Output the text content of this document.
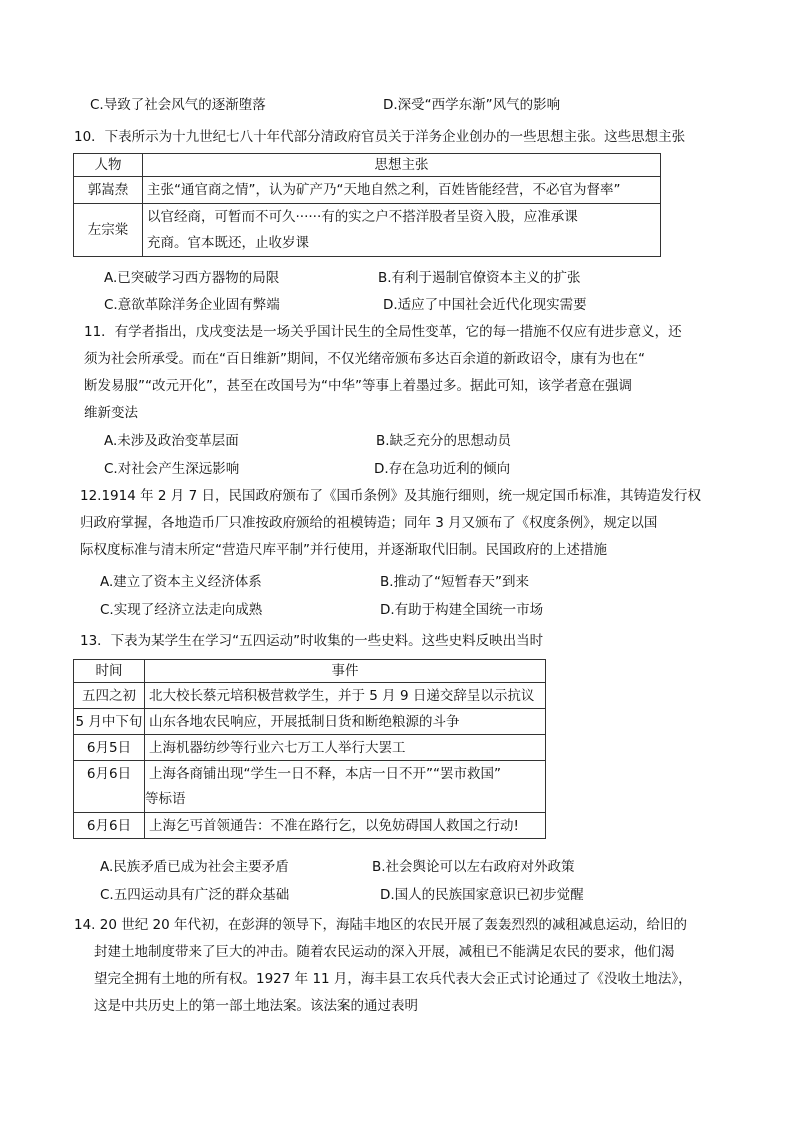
C.导致了社会风气的逐渐堕落	D.深受“西学东渐”风气的影响
10．下表所示为十九世纪七八十年代部分清政府官员关于洋务企业创办的一些思想主张。这些思想主张
人物	思想主张
郭嵩焘	主张“通官商之情”，认为矿产乃“天地自然之利，百姓皆能经营，不必官为督率”
左宗棠	以官经商，可暂而不可久······有的实之户不搭洋股者呈资入股，应准承课
充商。官本既还，止收岁课
A.已突破学习西方器物的局限	B.有利于遏制官僚资本主义的扩张
C.意欲革除洋务企业固有弊端	D.适应了中国社会近代化现实需要
11．有学者指出，戊戌变法是一场关乎国计民生的全局性变革，它的每一措施不仅应有进步意义，还
须为社会所承受。而在“百日维新”期间，不仅光绪帝颁布多达百余道的新政诏令，康有为也在“
断发易服”“改元开化”，甚至在改国号为“中华”等事上着墨过多。据此可知，该学者意在强调
维新变法
A.未涉及政治变革层面	B.缺乏充分的思想动员
C.对社会产生深远影响	D.存在急功近利的倾向
12.1914 年 2 月 7 日，民国政府颁布了《国币条例》及其施行细则，统一规定国币标准，其铸造发行权
归政府掌握，各地造币厂只准按政府颁给的祖模铸造；同年 3 月又颁布了《权度条例》，规定以国
际权度标准与清末所定“营造尺库平制”并行使用，并逐渐取代旧制。民国政府的上述措施
A.建立了资本主义经济体系	B.推动了“短暂春天”到来
C.实现了经济立法走向成熟	D.有助于构建全国统一市场
13．下表为某学生在学习“五四运动”时收集的一些史料。这些史料反映出当时
时间	事件
五四之初	北大校长蔡元培积极营救学生，并于 5 月 9 日递交辞呈以示抗议
5 月中下旬	山东各地农民响应，开展抵制日货和断绝粮源的斗争
6月5日	上海机器纺纱等行业六七万工人举行大罢工
6月6日	上海各商铺出现“学生一日不释，本店一日不开”“罢市救国”
等标语

6月6日	上海乞丐首领通告：不准在路行乞，以免妨碍国人救国之行动!
A.民族矛盾已成为社会主要矛盾	B.社会舆论可以左右政府对外政策
C.五四运动具有广泛的群众基础	D.国人的民族国家意识已初步觉醒
14. 20 世纪 20 年代初，在彭湃的领导下，海陆丰地区的农民开展了轰轰烈烈的减租减息运动，给旧的
封建土地制度带来了巨大的冲击。随着农民运动的深入开展，减租已不能满足农民的要求，他们渴
望完全拥有土地的所有权。1927 年 11 月，海丰县工农兵代表大会正式讨论通过了《没收土地法》，
这是中共历史上的第一部土地法案。该法案的通过表明
